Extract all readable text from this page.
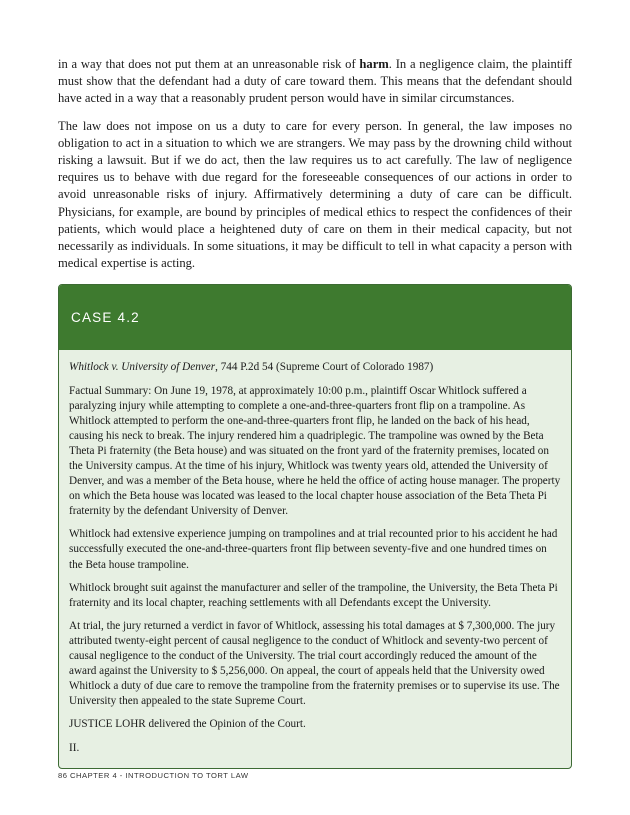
in a way that does not put them at an unreasonable risk of harm. In a negligence claim, the plaintiff must show that the defendant had a duty of care toward them. This means that the defendant should have acted in a way that a reasonably prudent person would have in similar circumstances.

The law does not impose on us a duty to care for every person. In general, the law imposes no obligation to act in a situation to which we are strangers. We may pass by the drowning child without risking a lawsuit. But if we do act, then the law requires us to act carefully. The law of negligence requires us to behave with due regard for the foreseeable consequences of our actions in order to avoid unreasonable risks of injury. Affirmatively determining a duty of care can be difficult. Physicians, for example, are bound by principles of medical ethics to respect the confidences of their patients, which would place a heightened duty of care on them in their medical capacity, but not necessarily as individuals. In some situations, it may be difficult to tell in what capacity a person with medical expertise is acting.

CASE 4.2

Whitlock v. University of Denver, 744 P.2d 54 (Supreme Court of Colorado 1987)

Factual Summary: On June 19, 1978, at approximately 10:00 p.m., plaintiff Oscar Whitlock suffered a paralyzing injury while attempting to complete a one-and-three-quarters front flip on a trampoline. As Whitlock attempted to perform the one-and-three-quarters front flip, he landed on the back of his head, causing his neck to break. The injury rendered him a quadriplegic. The trampoline was owned by the Beta Theta Pi fraternity (the Beta house) and was situated on the front yard of the fraternity premises, located on the University campus. At the time of his injury, Whitlock was twenty years old, attended the University of Denver, and was a member of the Beta house, where he held the office of acting house manager. The property on which the Beta house was located was leased to the local chapter house association of the Beta Theta Pi fraternity by the defendant University of Denver.

Whitlock had extensive experience jumping on trampolines and at trial recounted prior to his accident he had successfully executed the one-and-three-quarters front flip between seventy-five and one hundred times on the Beta house trampoline.

Whitlock brought suit against the manufacturer and seller of the trampoline, the University, the Beta Theta Pi fraternity and its local chapter, reaching settlements with all Defendants except the University.

At trial, the jury returned a verdict in favor of Whitlock, assessing his total damages at $ 7,300,000. The jury attributed twenty-eight percent of causal negligence to the conduct of Whitlock and seventy-two percent of causal negligence to the conduct of the University. The trial court accordingly reduced the amount of the award against the University to $ 5,256,000. On appeal, the court of appeals held that the University owed Whitlock a duty of due care to remove the trampoline from the fraternity premises or to supervise its use. The University then appealed to the state Supreme Court.

JUSTICE LOHR delivered the Opinion of the Court.

II.

86 CHAPTER 4 - INTRODUCTION TO TORT LAW
